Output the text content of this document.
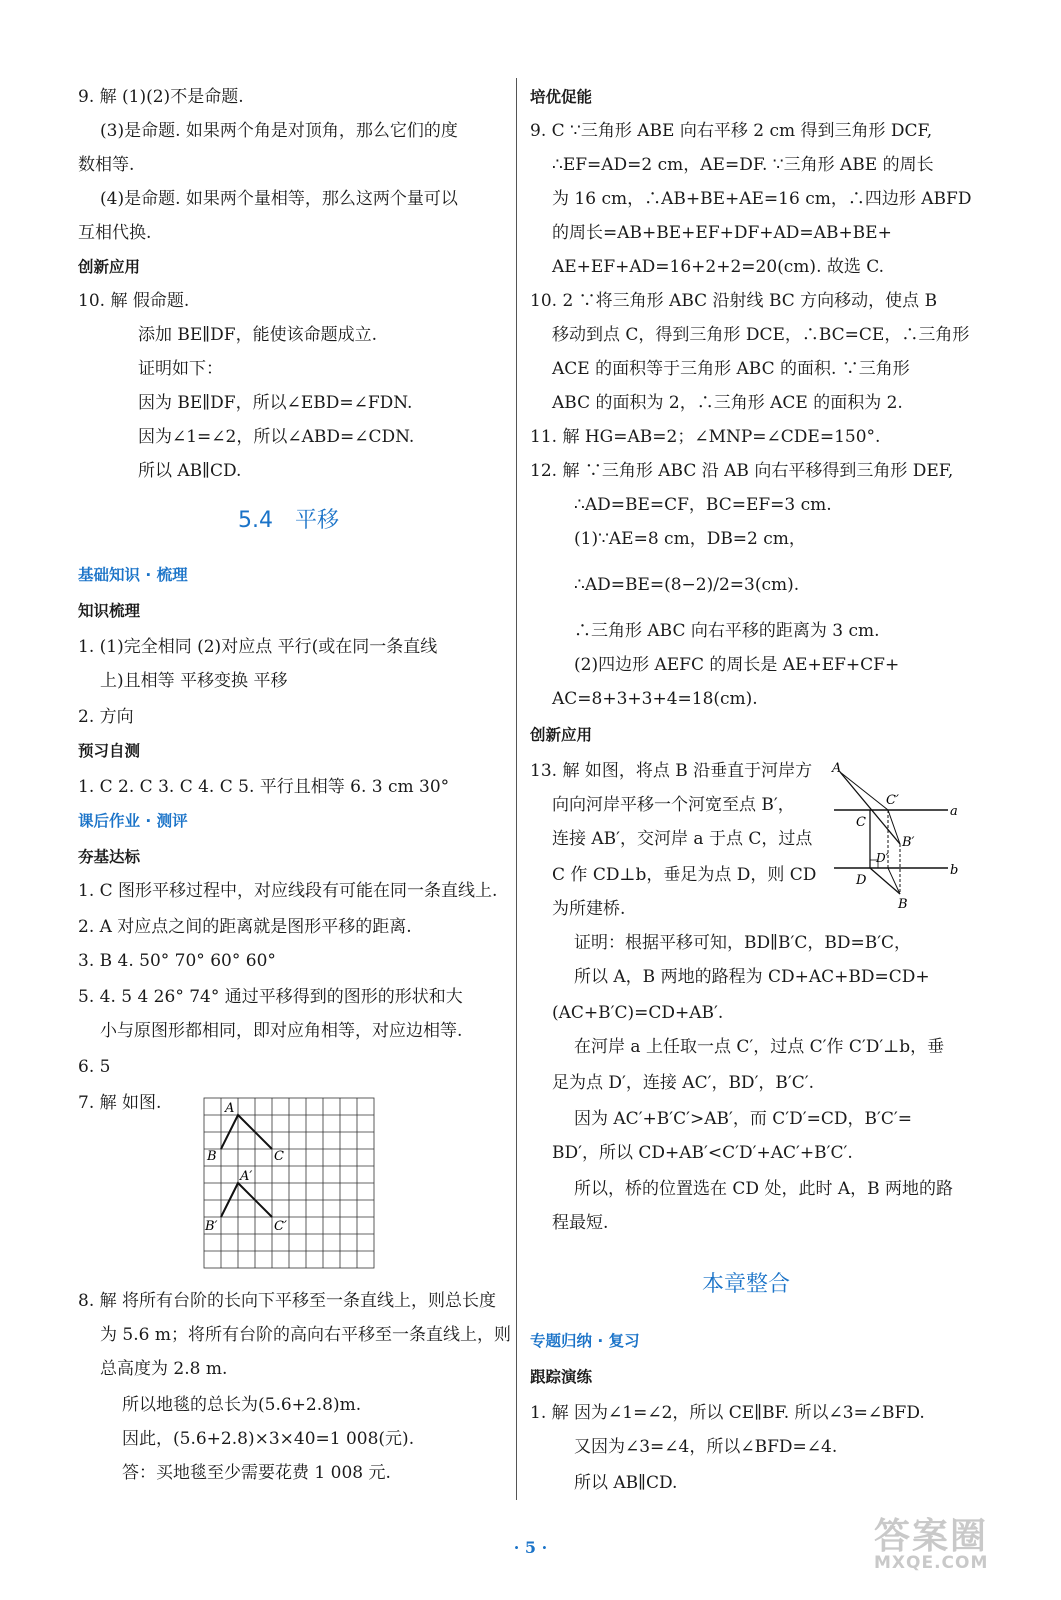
5.4　平移
A
B	C
A′
B′	C′
9. 解 (1)(2)不是命题.
(3)是命题. 如果两个角是对顶角，那么它们的度
数相等.
(4)是命题. 如果两个量相等，那么这两个量可以
互相代换.
创新应用
10. 解 假命题.
添加 BE∥DF，能使该命题成立.
证明如下：
因为 BE∥DF，所以∠EBD=∠FDN.
因为∠1=∠2，所以∠ABD=∠CDN.
所以 AB∥CD.
基础知识 · 梳理
知识梳理
1. (1)完全相同 (2)对应点 平行(或在同一条直线
上)且相等 平移变换 平移
2. 方向
预习自测
1. C 2. C 3. C 4. C 5. 平行且相等 6. 3 cm 30°
课后作业 · 测评
夯基达标
1. C 图形平移过程中，对应线段有可能在同一条直线上.
2. A 对应点之间的距离就是图形平移的距离.
3. B 4. 50° 70° 60° 60°
5. 4. 5 4 26° 74° 通过平移得到的图形的形状和大
小与原图形都相同，即对应角相等，对应边相等.
6. 5
7. 解 如图.
8. 解 将所有台阶的长向下平移至一条直线上，则总长度
为 5.6 m；将所有台阶的高向右平移至一条直线上，则
总高度为 2.8 m.
所以地毯的总长为(5.6+2.8)m.
因此，(5.6+2.8)×3×40=1 008(元).
答：买地毯至少需要花费 1 008 元.
本章整合
A
C′
a
C
B′
D′
D
b
B
培优促能
9. C ∵三角形 ABE 向右平移 2 cm 得到三角形 DCF,
∴EF=AD=2 cm，AE=DF. ∵三角形 ABE 的周长
为 16 cm，∴AB+BE+AE=16 cm，∴四边形 ABFD
的周长=AB+BE+EF+DF+AD=AB+BE+
AE+EF+AD=16+2+2=20(cm). 故选 C.
10. 2 ∵将三角形 ABC 沿射线 BC 方向移动，使点 B
移动到点 C，得到三角形 DCE，∴BC=CE，∴三角形
ACE 的面积等于三角形 ABC 的面积. ∵三角形
ABC 的面积为 2，∴三角形 ACE 的面积为 2.
11. 解 HG=AB=2；∠MNP=∠CDE=150°.
12. 解 ∵三角形 ABC 沿 AB 向右平移得到三角形 DEF,
∴AD=BE=CF，BC=EF=3 cm.
(1)∵AE=8 cm，DB=2 cm，
∴AD=BE=(8−2)/2=3(cm).
∴三角形 ABC 向右平移的距离为 3 cm.
(2)四边形 AEFC 的周长是 AE+EF+CF+
AC=8+3+3+4=18(cm).
创新应用
13. 解 如图，将点 B 沿垂直于河岸方
向向河岸平移一个河宽至点 B′，
连接 AB′，交河岸 a 于点 C，过点
C 作 CD⊥b，垂足为点 D，则 CD
为所建桥.
证明：根据平移可知，BD∥B′C，BD=B′C，
所以 A，B 两地的路程为 CD+AC+BD=CD+
(AC+B′C)=CD+AB′.
在河岸 a 上任取一点 C′，过点 C′作 C′D′⊥b，垂
足为点 D′，连接 AC′，BD′，B′C′.
因为 AC′+B′C′>AB′，而 C′D′=CD，B′C′=
BD′，所以 CD+AB′<C′D′+AC′+B′C′.
所以，桥的位置选在 CD 处，此时 A，B 两地的路
程最短.
专题归纳 · 复习
跟踪演练
1. 解 因为∠1=∠2，所以 CE∥BF. 所以∠3=∠BFD.
又因为∠3=∠4，所以∠BFD=∠4.
所以 AB∥CD.
· 5 ·	答案圈
MXQE.COM
